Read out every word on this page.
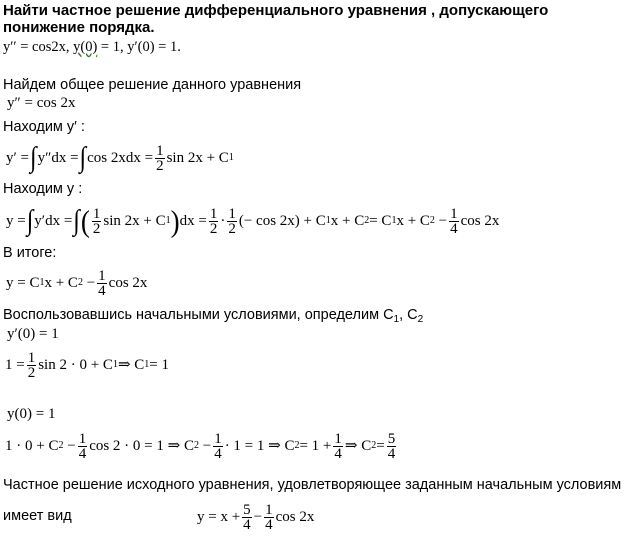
Найти частное решение дифференциального уравнения , допускающего понижение порядка.
y′′ = cos2x, y(0) = 1, y′(0) = 1.
Найдем общее решение данного уравнения
y″ = cos 2x
Находим y′ :
y′ = ∫ y″dx = ∫ $\cos 2xdx = \frac{1}{2}$ sin 2x + C 1
Находим y :
y = ∫ y′dx = ∫ ( $\frac{1}{2}$ sin 2x + C 1 ) dx = $\frac{1}{2} \cdot \frac{1}{2}$ (− cos 2x) + C 1 x + C 2 = C 1 x + C 2
− $\frac{1}{4}$ cos 2x
В итоге:
y = C 1 x + C 2
− $\frac{1}{4}$ cos 2x
Воспользовавшись начальными условиями, определим $С_1$, $С_2$
y′(0) = 1
$1 = \frac{1}{2}$ sin 2 · 0 + C 1 ⇒ C 1 = 1
y(0) = 1
1 · 0 + C 2
− $\frac{1}{4}$ cos 2 · 0 = 1 ⇒ C 2
− $\frac{1}{4} \cdot 1 = 1$ ⇒ C $2 = 1 + \frac{1}{4}$ ⇒ C $2 = \frac{5}{4}$
Частное решение исходного уравнения, удовлетворяющее заданным начальным условиям
имеет вид	$y = x + \frac{5}{4} - \frac{1}{4}$ cos 2x
